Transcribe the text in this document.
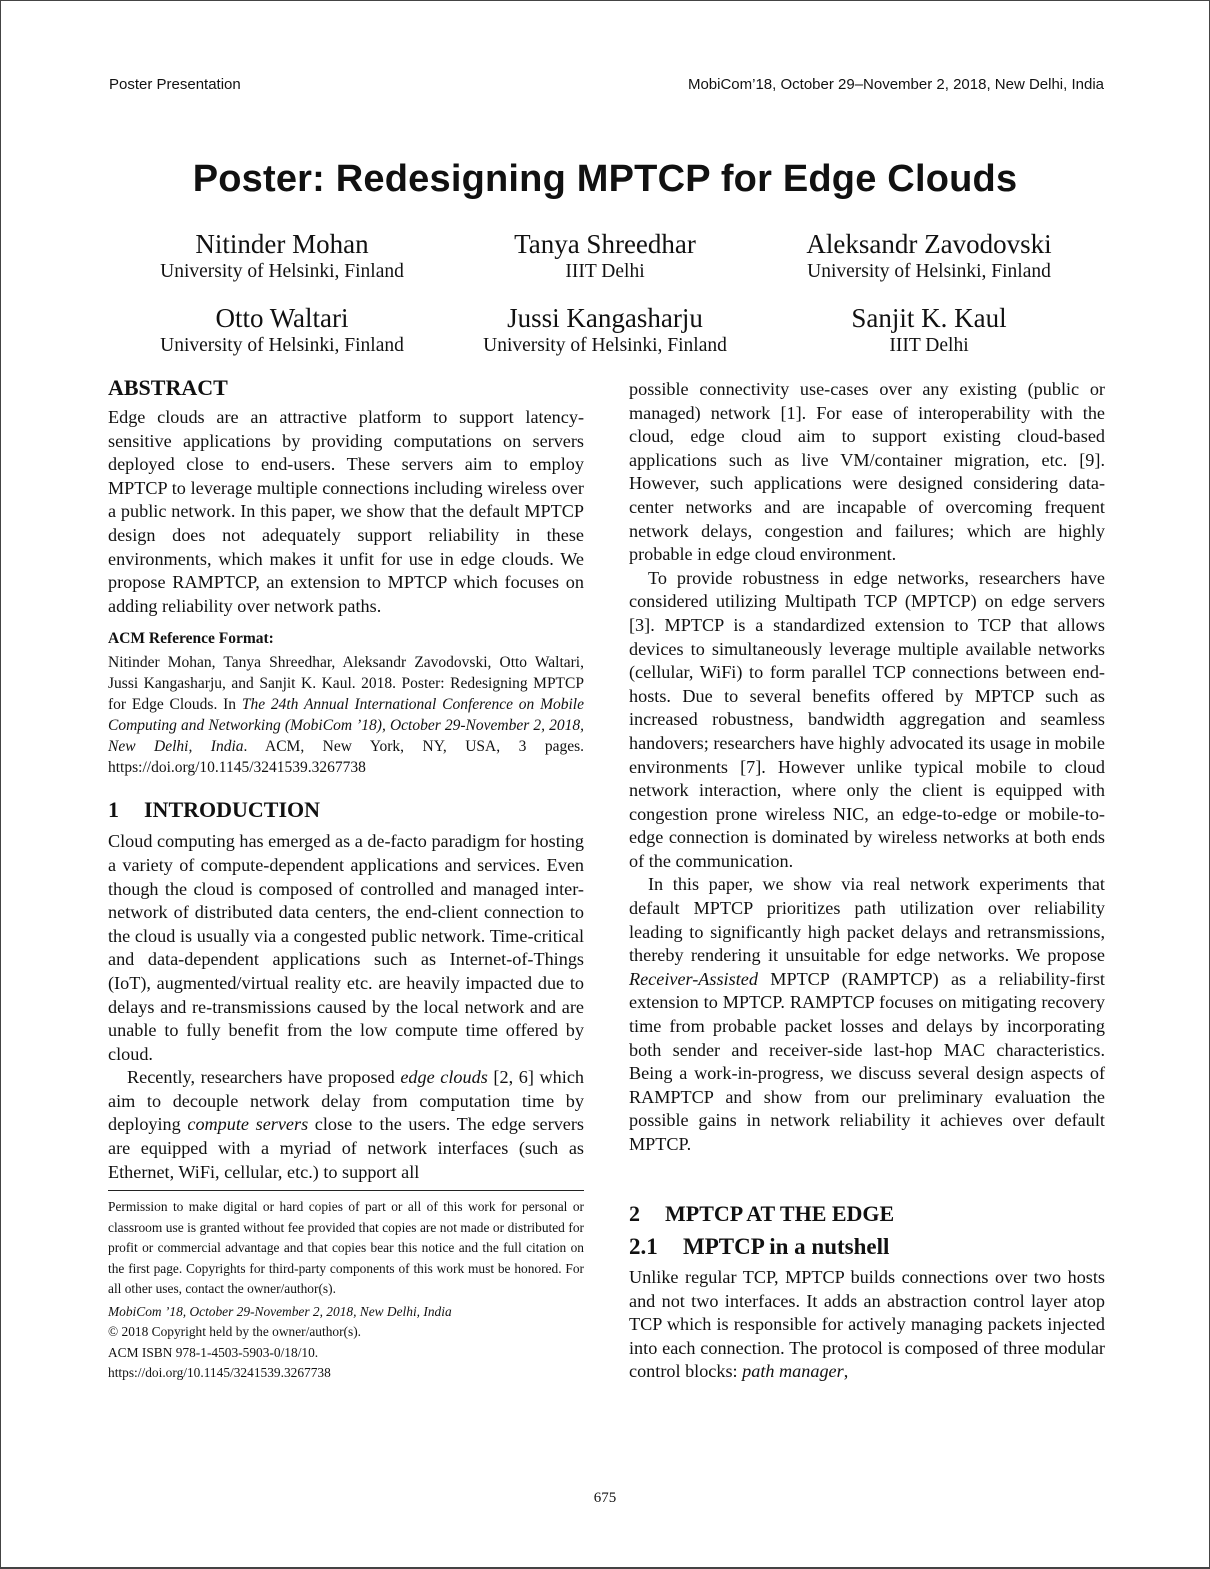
Poster Presentation	MobiCom’18, October 29–November 2, 2018, New Delhi, India
Poster: Redesigning MPTCP for Edge Clouds
Nitinder Mohan
University of Helsinki, Finland
Tanya Shreedhar
IIIT Delhi
Aleksandr Zavodovski
University of Helsinki, Finland
Otto Waltari
University of Helsinki, Finland
Jussi Kangasharju
University of Helsinki, Finland
Sanjit K. Kaul
IIIT Delhi
ABSTRACT

Edge clouds are an attractive platform to support latency-sensitive applications by providing computations on servers deployed close to end-users. These servers aim to employ MPTCP to leverage multiple connections including wireless over a public network. In this paper, we show that the default MPTCP design does not adequately support reliability in these environments, which makes it unfit for use in edge clouds. We propose RAMPTCP, an extension to MPTCP which focuses on adding reliability over network paths.

ACM Reference Format:

Nitinder Mohan, Tanya Shreedhar, Aleksandr Zavodovski, Otto Waltari, Jussi Kangasharju, and Sanjit K. Kaul. 2018. Poster: Redesigning MPTCP for Edge Clouds. In The 24th Annual International Conference on Mobile Computing and Networking (MobiCom ’18), October 29-November 2, 2018, New Delhi, India. ACM, New York, NY, USA, 3 pages. https://doi.org/10.1145/3241539.3267738

1 INTRODUCTION

Cloud computing has emerged as a de-facto paradigm for hosting a variety of compute-dependent applications and services. Even though the cloud is composed of controlled and managed inter-network of distributed data centers, the end-client connection to the cloud is usually via a congested public network. Time-critical and data-dependent applications such as Internet-of-Things (IoT), augmented/virtual reality etc. are heavily impacted due to delays and re-transmissions caused by the local network and are unable to fully benefit from the low compute time offered by cloud.

Recently, researchers have proposed edge clouds [2, 6] which aim to decouple network delay from computation time by deploying compute servers close to the users. The edge servers are equipped with a myriad of network interfaces (such as Ethernet, WiFi, cellular, etc.) to support all

Permission to make digital or hard copies of part or all of this work for personal or classroom use is granted without fee provided that copies are not made or distributed for profit or commercial advantage and that copies bear this notice and the full citation on the first page. Copyrights for third-party components of this work must be honored. For all other uses, contact the owner/author(s).

MobiCom ’18, October 29-November 2, 2018, New Delhi, India

© 2018 Copyright held by the owner/author(s).

ACM ISBN 978-1-4503-5903-0/18/10.

https://doi.org/10.1145/3241539.3267738

possible connectivity use-cases over any existing (public or managed) network [1]. For ease of interoperability with the cloud, edge cloud aim to support existing cloud-based applications such as live VM/container migration, etc. [9]. However, such applications were designed considering data-center networks and are incapable of overcoming frequent network delays, congestion and failures; which are highly probable in edge cloud environment.

To provide robustness in edge networks, researchers have considered utilizing Multipath TCP (MPTCP) on edge servers [3]. MPTCP is a standardized extension to TCP that allows devices to simultaneously leverage multiple available networks (cellular, WiFi) to form parallel TCP connections between end-hosts. Due to several benefits offered by MPTCP such as increased robustness, bandwidth aggregation and seamless handovers; researchers have highly advocated its usage in mobile environments [7]. However unlike typical mobile to cloud network interaction, where only the client is equipped with congestion prone wireless NIC, an edge-to-edge or mobile-to-edge connection is dominated by wireless networks at both ends of the communication.

In this paper, we show via real network experiments that default MPTCP prioritizes path utilization over reliability leading to significantly high packet delays and retransmissions, thereby rendering it unsuitable for edge networks. We propose Receiver-Assisted MPTCP (RAMPTCP) as a reliability-first extension to MPTCP. RAMPTCP focuses on mitigating recovery time from probable packet losses and delays by incorporating both sender and receiver-side last-hop MAC characteristics. Being a work-in-progress, we discuss several design aspects of RAMPTCP and show from our preliminary evaluation the possible gains in network reliability it achieves over default MPTCP.

2 MPTCP AT THE EDGE
2.1 MPTCP in a nutshell

Unlike regular TCP, MPTCP builds connections over two hosts and not two interfaces. It adds an abstraction control layer atop TCP which is responsible for actively managing packets injected into each connection. The protocol is composed of three modular control blocks: path manager,

675
